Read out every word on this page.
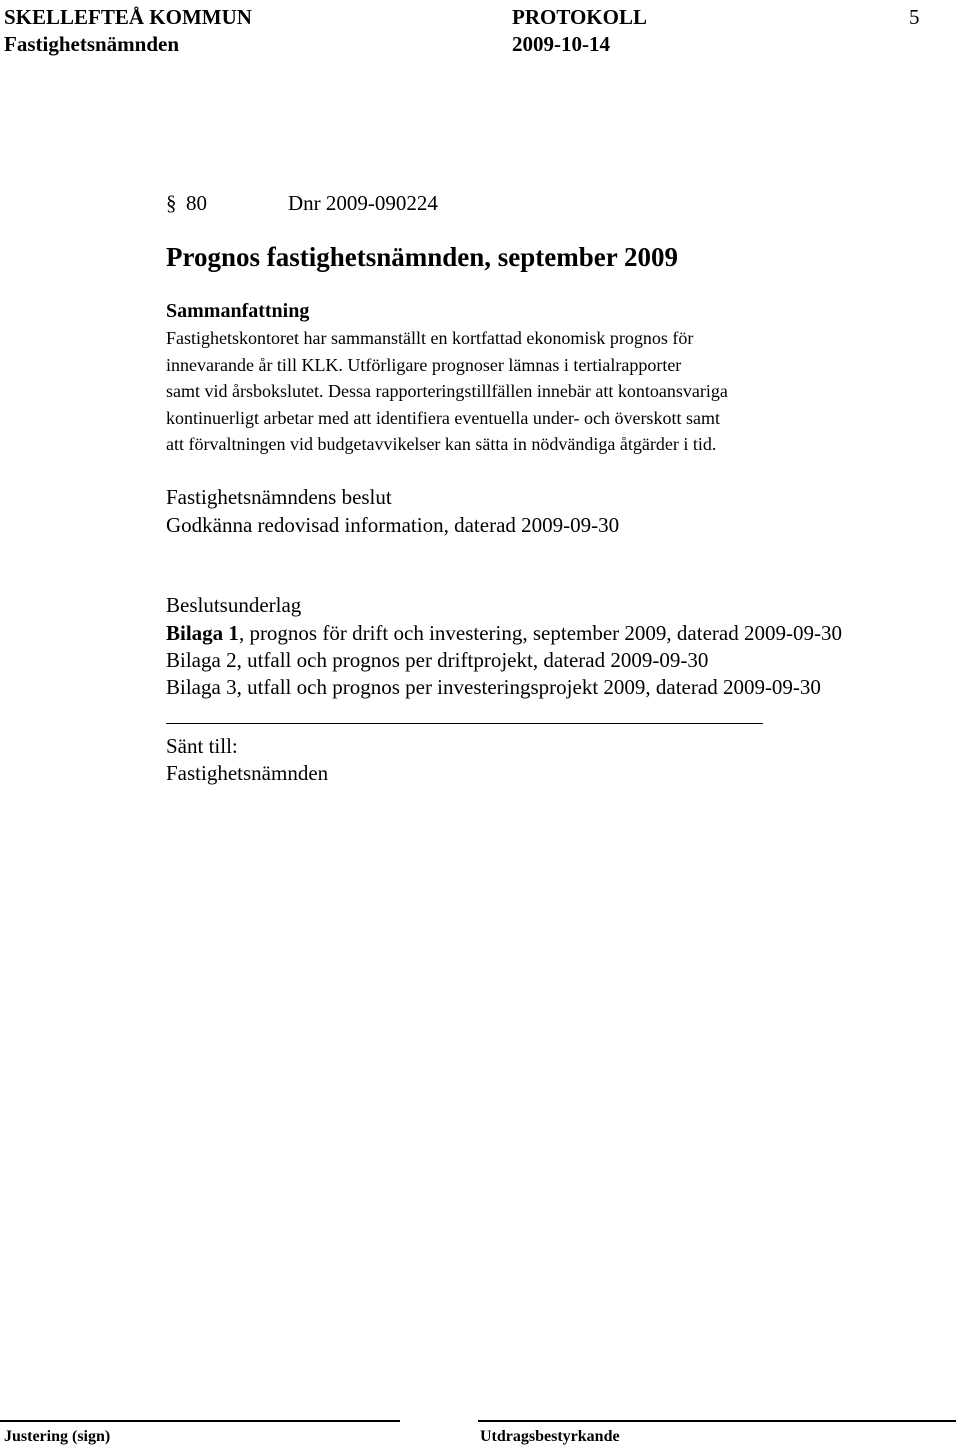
SKELLEFTEÅ KOMMUN	PROTOKOLL	5
Fastighetsnämnden	2009-10-14
§ 80	Dnr 2009-090224
Prognos fastighetsnämnden, september 2009
Sammanfattning
Fastighetskontoret har sammanställt en kortfattad ekonomisk prognos för
innevarande år till KLK. Utförligare prognoser lämnas i tertialrapporter
samt vid årsbokslutet. Dessa rapporteringstillfällen innebär att kontoansvariga
kontinuerligt arbetar med att identifiera eventuella under- och överskott samt
att förvaltningen vid budgetavvikelser kan sätta in nödvändiga åtgärder i tid.
Fastighetsnämndens beslut
Godkänna redovisad information, daterad 2009-09-30
Beslutsunderlag
Bilaga 1, prognos för drift och investering, september 2009, daterad 2009-09-30
Bilaga 2, utfall och prognos per driftprojekt, daterad 2009-09-30
Bilaga 3, utfall och prognos per investeringsprojekt 2009, daterad 2009-09-30
Sänt till:
Fastighetsnämnden
Justering (sign)	Utdragsbestyrkande
